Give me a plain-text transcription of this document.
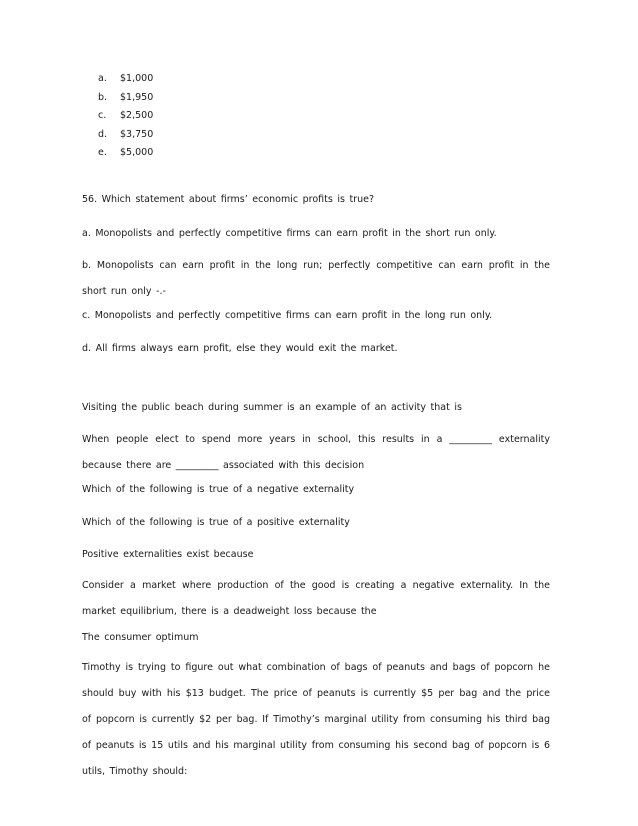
a. $1,000
b. $1,950
c. $2,500
d. $3,750
e. $5,000

56. Which statement about firms’ economic profits is true?

a. Monopolists and perfectly competitive firms can earn profit in the short run only.

b. Monopolists can earn profit in the long run; perfectly competitive can earn profit in the short run only -.-

c. Monopolists and perfectly competitive firms can earn profit in the long run only.

d. All firms always earn profit, else they would exit the market.

Visiting the public beach during summer is an example of an activity that is

When people elect to spend more years in school, this results in a _________ externality because there are _________ associated with this decision

Which of the following is true of a negative externality

Which of the following is true of a positive externality

Positive externalities exist because

Consider a market where production of the good is creating a negative externality. In the market equilibrium, there is a deadweight loss because the

The consumer optimum

Timothy is trying to figure out what combination of bags of peanuts and bags of popcorn he should buy with his $13 budget. The price of peanuts is currently $5 per bag and the price of popcorn is currently $2 per bag. If Timothy’s marginal utility from consuming his third bag of peanuts is 15 utils and his marginal utility from consuming his second bag of popcorn is 6 utils, Timothy should:
